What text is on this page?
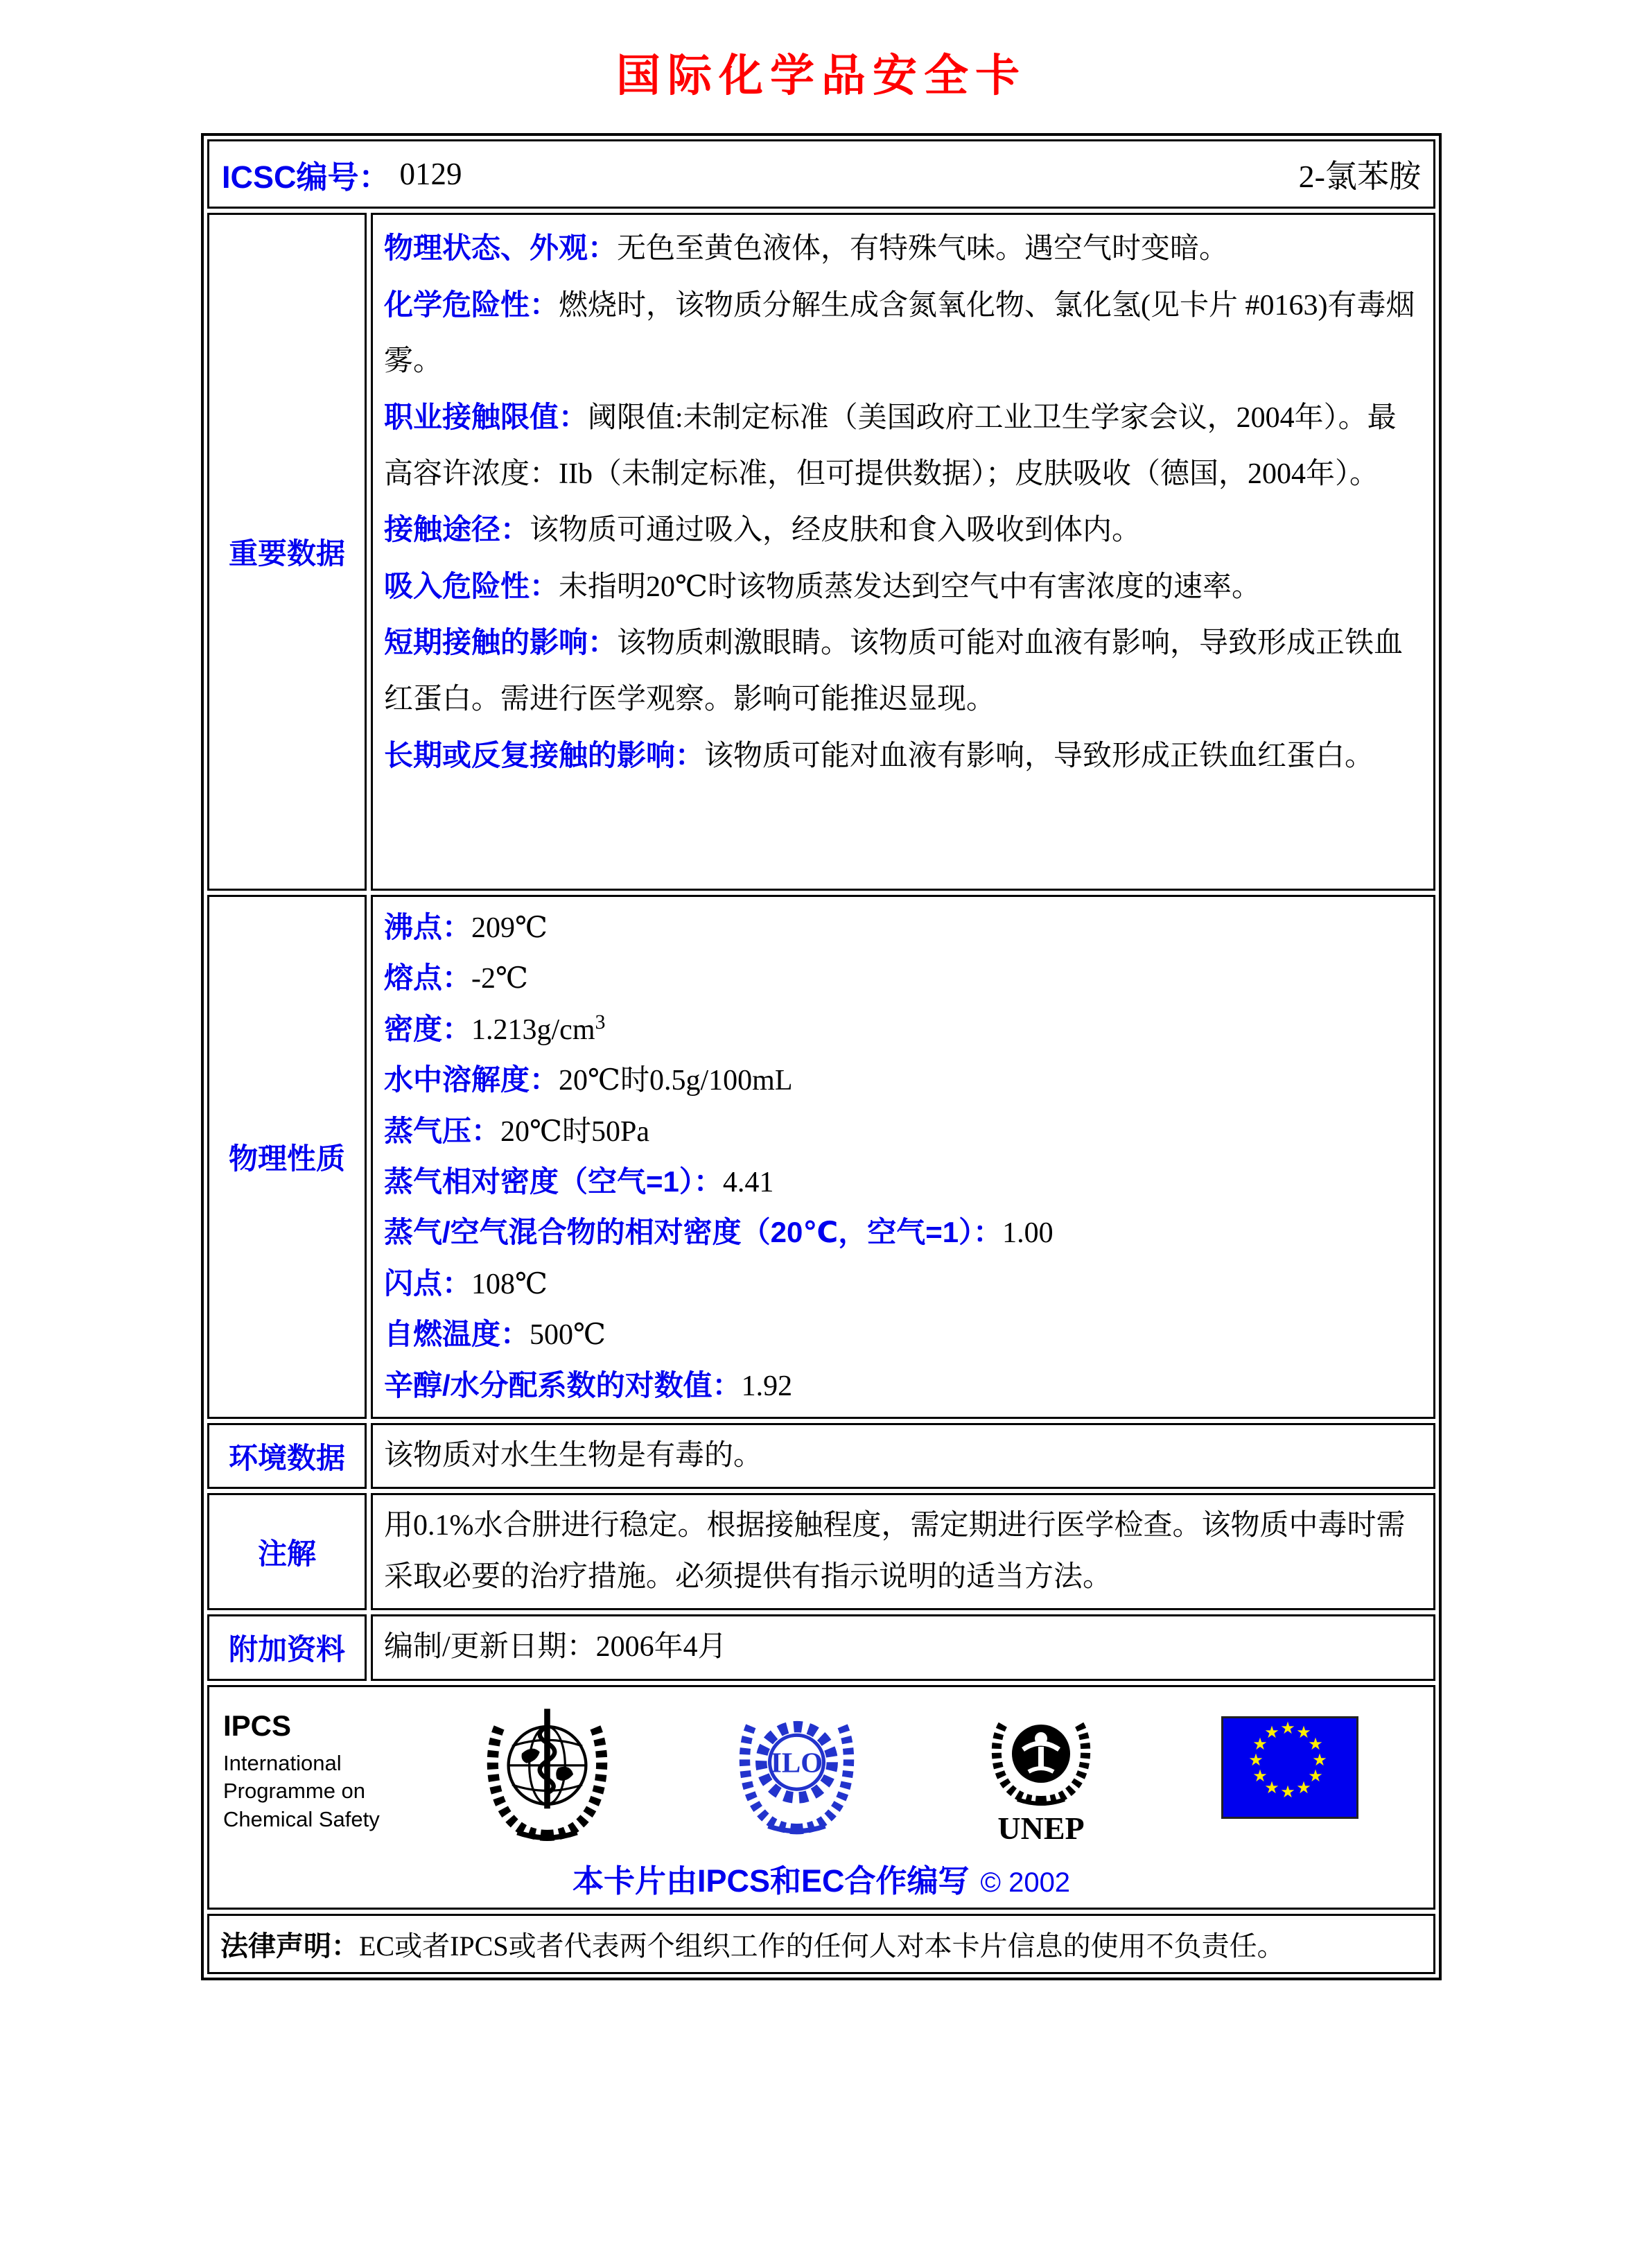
国际化学品安全卡
ICSC编号： 0129	2-氯苯胺
重要数据

物理状态、外观：无色至黄色液体，有特殊气味。遇空气时变暗。

化学危险性：燃烧时，该物质分解生成含氮氧化物、氯化氢(见卡片 #0163)有毒烟雾。

职业接触限值：阈限值:未制定标准（美国政府工业卫生学家会议，2004年）。最高容许浓度：IIb（未制定标准，但可提供数据）；皮肤吸收（德国，2004年）。

接触途径：该物质可通过吸入，经皮肤和食入吸收到体内。

吸入危险性：未指明20℃时该物质蒸发达到空气中有害浓度的速率。

短期接触的影响：该物质刺激眼睛。该物质可能对血液有影响，导致形成正铁血红蛋白。需进行医学观察。影响可能推迟显现。

长期或反复接触的影响：该物质可能对血液有影响，导致形成正铁血红蛋白。

物理性质

沸点：209℃

熔点：-2℃

密度：$1.213g/cm^3$

水中溶解度：20℃时0.5g/100mL

蒸气压：20℃时50Pa

蒸气相对密度（空气=1）：4.41

蒸气/空气混合物的相对密度（20℃，空气=1）：1.00

闪点：108℃

自燃温度：500℃

辛醇/水分配系数的对数值：1.92

环境数据 该物质对水生生物是有毒的。

注解

用0.1%水合肼进行稳定。根据接触程度，需定期进行医学检查。该物质中毒时需采取必要的治疗措施。必须提供有指示说明的适当方法。

附加资料 编制/更新日期：2006年4月

IPCS
International
Programme on
Chemical Safety
ILO
UNEP
★ ★
★
★
★
★
★
★
★
★
★
★
本卡片由IPCS和EC合作编写 © 2002

法律声明：EC或者IPCS或者代表两个组织工作的任何人对本卡片信息的使用不负责任。
